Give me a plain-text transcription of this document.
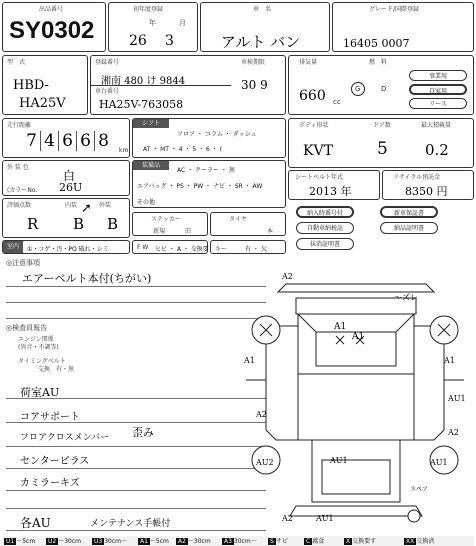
出品番号
SY0302
初年度登録
年	月
26 3
車　名
アルト バン
グレード/国際登録
16405 0007
型　式
HBD-
HA25V
登録番号
湘南 480 け 9844
車台番号
HA25V-763058
車検期限
30 9
排気量
660 cc
燃　料
G	D
事業用
自家用
リース
走行距離
7 4 6 6 8	km
シフト
フロア ・ コラム ・ ダッシュ
AT ・ MT ・ 4 ・ 5 ・ 6 ・ (
ボディ形状	ドア数	最大積載量
KVT	5 0.2
外 装 色
白
(カラーNo. 26U
装備品
AC ・ クーラー ・ 無
エアバッグ ・ PS ・ PW ・ ナビ ・ SR ・ AW
その他
シートベルト年式
2013 年
リサイクル預託金
8350 円
評価点数	内装	外装
R B B
➚
ステッカー
新規	旧
タイヤ
本
納入時番号付	新車保証書
自動車納税証	納品証明書
抹消証明書
室内	①・コゲ・汚・PO 破れ・シミ	F W ヒビ ・ A ・ 交換要 キー	有 ・ 欠
◎注意事項
エアーベルト本付(ちがい)
◎検査員報告
エンジン関係
(異音・不調等)
タイミングベルト
交換　有・無
荷室AU
コアサポート
フロアクロスメンバー 歪み
センターピラス
カミラーキズ
各AU	メンテナンス手帳付
A2
～ズレ
A1
A1
A1
A2
A1
AU1
A2
AU2	AU1	AU1
A2	AU1
スペア
U1 ～5cm	U2 ～30cm	U3 30cm～	A1 ～5cm	A2 ～30cm	A3 30cm～	S サビ	C 腐食	X 交換要す	XX 交換済
